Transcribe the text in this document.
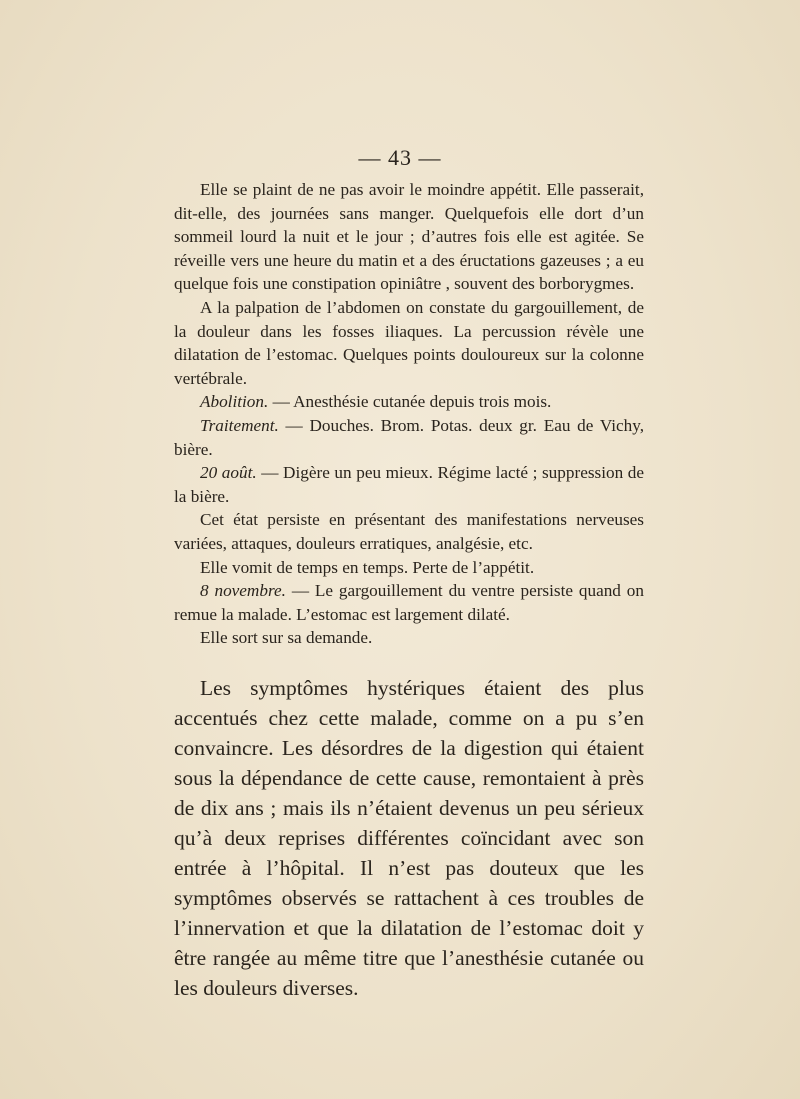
— 43 —

Elle se plaint de ne pas avoir le moindre appétit. Elle passerait, dit-elle, des journées sans manger. Quelquefois elle dort d’un sommeil lourd la nuit et le jour ; d’autres fois elle est agitée. Se réveille vers une heure du matin et a des éructations gazeuses ; a eu quelque fois une constipation opiniâtre , souvent des borborygmes.

A la palpation de l’abdomen on constate du gargouillement, de la douleur dans les fosses iliaques. La percussion révèle une dilatation de l’estomac. Quelques points douloureux sur la colonne vertébrale.

Abolition. — Anesthésie cutanée depuis trois mois.

Traitement. — Douches. Brom. Potas. deux gr. Eau de Vichy, bière.

20 août. — Digère un peu mieux. Régime lacté ; suppression de la bière.

Cet état persiste en présentant des manifestations nerveuses variées, attaques, douleurs erratiques, analgésie, etc.

Elle vomit de temps en temps. Perte de l’appétit.

8 novembre. — Le gargouillement du ventre persiste quand on remue la malade. L’estomac est largement dilaté.

Elle sort sur sa demande.

Les symptômes hystériques étaient des plus accentués chez cette malade, comme on a pu s’en convaincre. Les désordres de la digestion qui étaient sous la dépendance de cette cause, remontaient à près de dix ans ; mais ils n’étaient devenus un peu sérieux qu’à deux reprises différentes coïncidant avec son entrée à l’hôpital. Il n’est pas douteux que les symptômes observés se rattachent à ces troubles de l’innervation et que la dilatation de l’estomac doit y être rangée au même titre que l’anesthésie cutanée ou les douleurs diverses.
